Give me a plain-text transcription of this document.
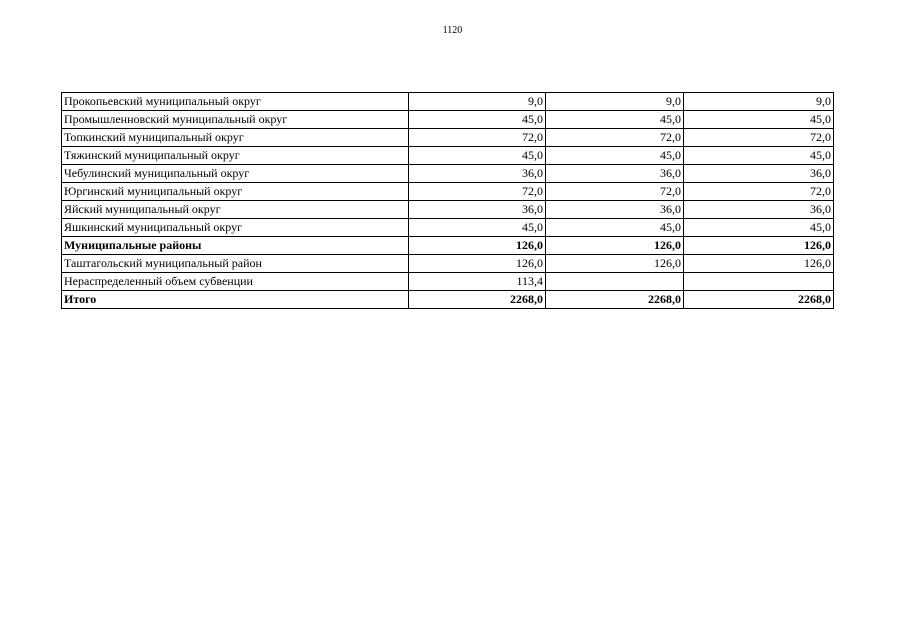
1120
Прокопьевский муниципальный округ	9,0	9,0	9,0
Промышленновский муниципальный округ	45,0	45,0	45,0
Топкинский муниципальный округ	72,0	72,0	72,0
Тяжинский муниципальный округ	45,0	45,0	45,0
Чебулинский муниципальный округ	36,0	36,0	36,0
Юргинский муниципальный округ	72,0	72,0	72,0
Яйский муниципальный округ	36,0	36,0	36,0
Яшкинский муниципальный округ	45,0	45,0	45,0
Муниципальные районы	126,0	126,0	126,0
Таштагольский муниципальный район	126,0	126,0	126,0
Нераспределенный объем субвенции	113,4		
Итого	2268,0	2268,0	2268,0
